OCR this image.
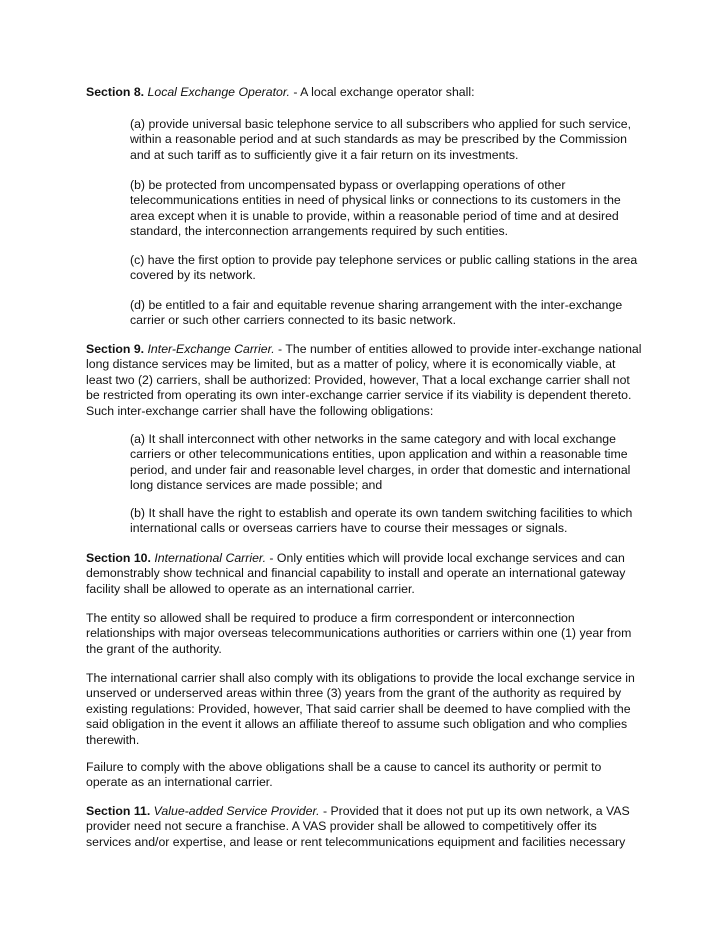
Section 8. Local Exchange Operator. - A local exchange operator shall:

(a) provide universal basic telephone service to all subscribers who applied for such service, within a reasonable period and at such standards as may be prescribed by the Commission and at such tariff as to sufficiently give it a fair return on its investments.

(b) be protected from uncompensated bypass or overlapping operations of other telecommunications entities in need of physical links or connections to its customers in the area except when it is unable to provide, within a reasonable period of time and at desired standard, the interconnection arrangements required by such entities.

(c) have the first option to provide pay telephone services or public calling stations in the area covered by its network.

(d) be entitled to a fair and equitable revenue sharing arrangement with the inter-exchange carrier or such other carriers connected to its basic network.

Section 9. Inter-Exchange Carrier. - The number of entities allowed to provide inter-exchange national long distance services may be limited, but as a matter of policy, where it is economically viable, at least two (2) carriers, shall be authorized: Provided, however, That a local exchange carrier shall not be restricted from operating its own inter-exchange carrier service if its viability is dependent thereto. Such inter-exchange carrier shall have the following obligations:

(a) It shall interconnect with other networks in the same category and with local exchange carriers or other telecommunications entities, upon application and within a reasonable time period, and under fair and reasonable level charges, in order that domestic and international long distance services are made possible; and

(b) It shall have the right to establish and operate its own tandem switching facilities to which international calls or overseas carriers have to course their messages or signals.

Section 10. International Carrier. - Only entities which will provide local exchange services and can demonstrably show technical and financial capability to install and operate an international gateway facility shall be allowed to operate as an international carrier.

The entity so allowed shall be required to produce a firm correspondent or interconnection relationships with major overseas telecommunications authorities or carriers within one (1) year from the grant of the authority.

The international carrier shall also comply with its obligations to provide the local exchange service in unserved or underserved areas within three (3) years from the grant of the authority as required by existing regulations: Provided, however, That said carrier shall be deemed to have complied with the said obligation in the event it allows an affiliate thereof to assume such obligation and who complies therewith.

Failure to comply with the above obligations shall be a cause to cancel its authority or permit to operate as an international carrier.

Section 11. Value-added Service Provider. - Provided that it does not put up its own network, a VAS provider need not secure a franchise. A VAS provider shall be allowed to competitively offer its services and/or expertise, and lease or rent telecommunications equipment and facilities necessary
